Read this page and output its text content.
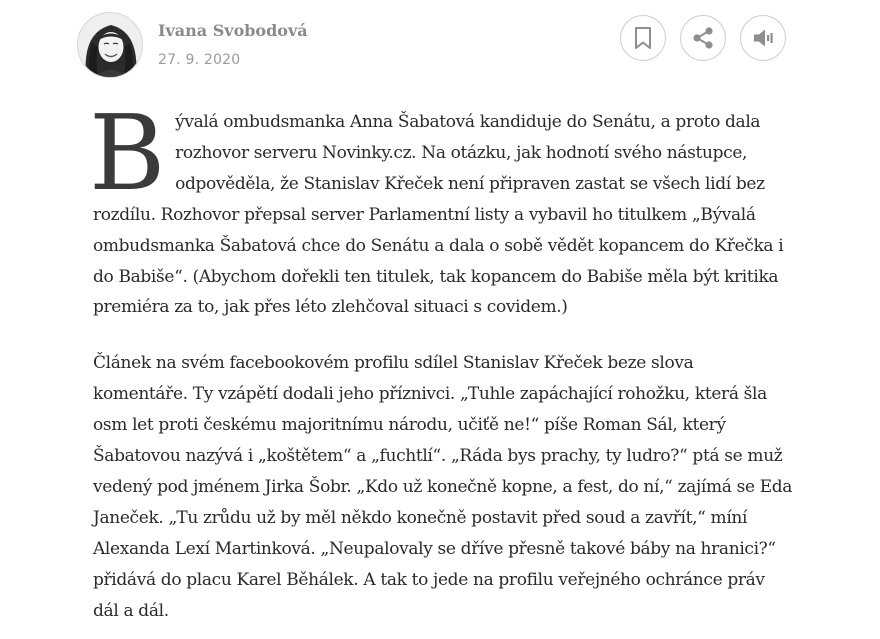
Ivana Svobodová
27. 9. 2020

Bývalá ombudsmanka Anna Šabatová kandiduje do Senátu, a proto dala rozhovor serveru Novinky.cz. Na otázku, jak hodnotí svého nástupce, odpověděla, že Stanislav Křeček není připraven zastat se všech lidí bez rozdílu. Rozhovor přepsal server Parlamentní listy a vybavil ho titulkem „Bývalá ombudsmanka Šabatová chce do Senátu a dala o sobě vědět kopancem do Křečka i do Babiše“. (Abychom dořekli ten titulek, tak kopancem do Babiše měla být kritika premiéra za to, jak přes léto zlehčoval situaci s covidem.)

Článek na svém facebookovém profilu sdílel Stanislav Křeček beze slova komentáře. Ty vzápětí dodali jeho příznivci. „Tuhle zapáchající rohožku, která šla osm let proti českému majoritnímu národu, učiťě ne!“ píše Roman Sál, který Šabatovou nazývá i „koštětem“ a „fuchtlí“. „Ráda bys prachy, ty ludro?“ ptá se muž vedený pod jménem Jirka Šobr. „Kdo už konečně kopne, a fest, do ní,“ zajímá se Eda Janeček. „Tu zrůdu už by měl někdo konečně postavit před soud a zavřít,“ míní Alexanda Lexí Martinková. „Neupalovaly se dříve přesně takové báby na hranici?“ přidává do placu Karel Běhálek. A tak to jede na profilu veřejného ochránce práv dál a dál.
